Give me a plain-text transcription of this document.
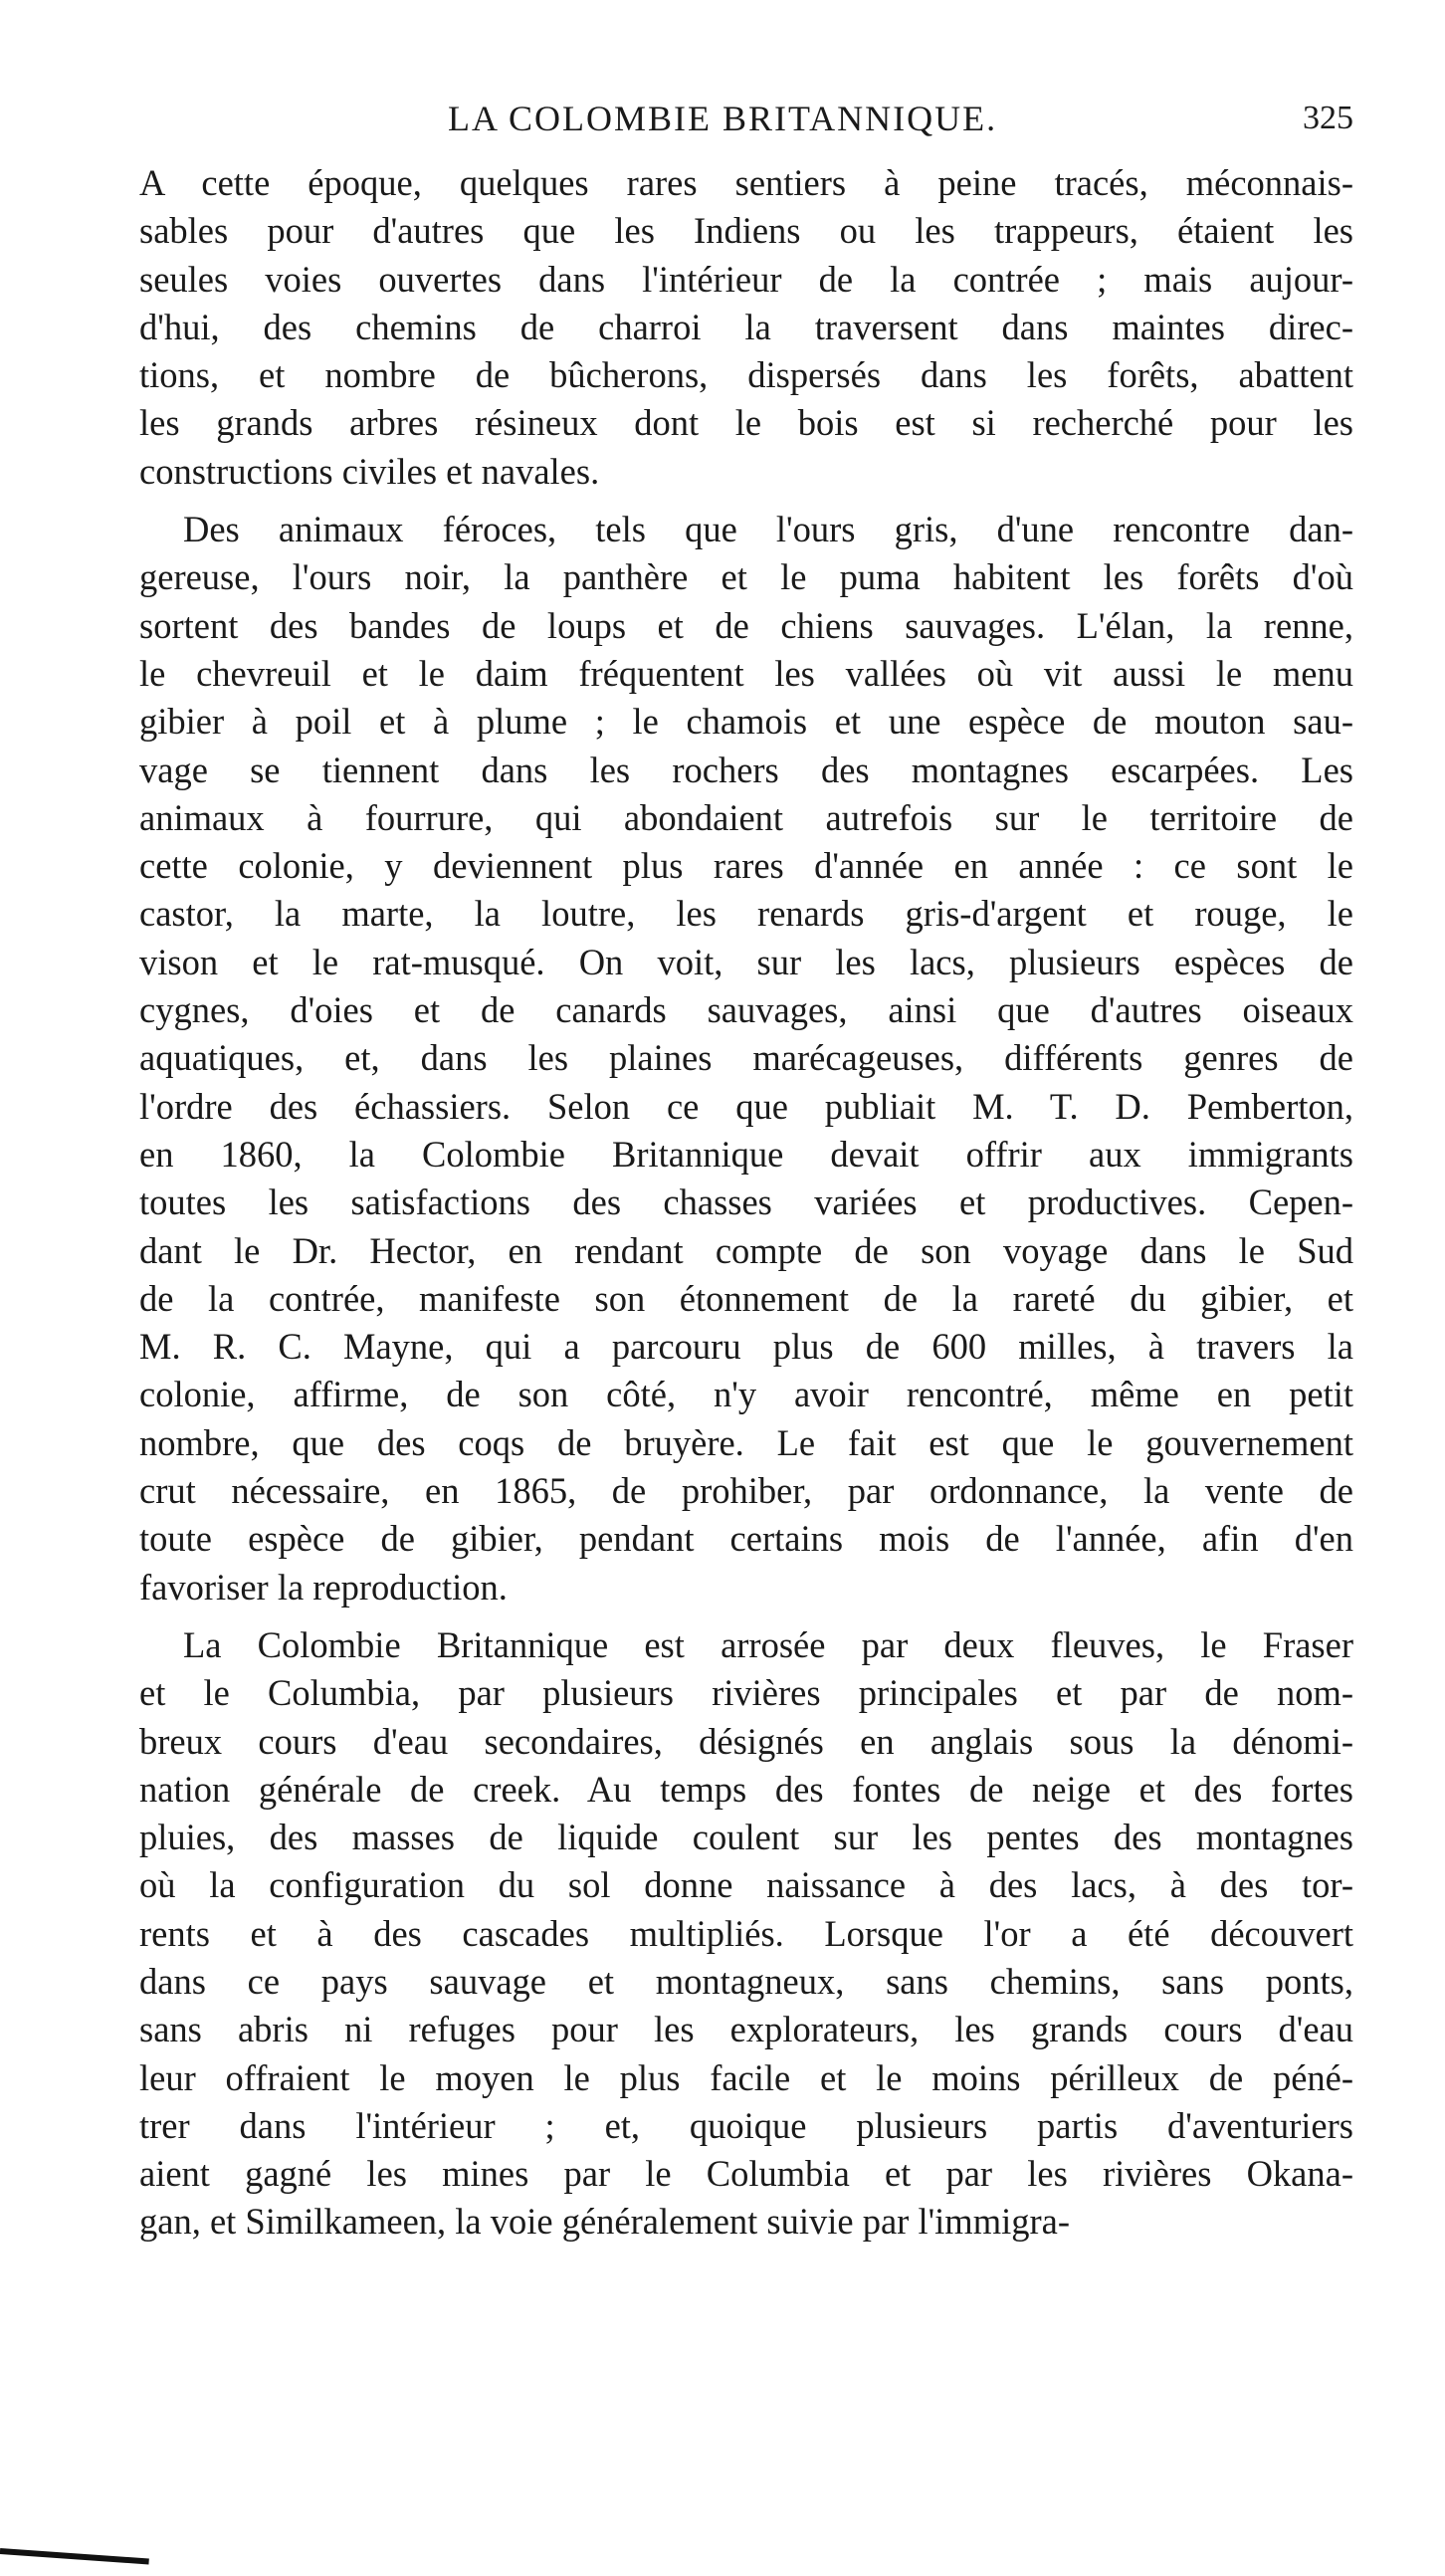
LA COLOMBIE BRITANNIQUE.	325
A cette époque, quelques rares sentiers à peine tracés, méconnais-
sables pour d'autres que les Indiens ou les trappeurs, étaient les
seules voies ouvertes dans l'intérieur de la contrée ; mais aujour-
d'hui, des chemins de charroi la traversent dans maintes direc-
tions, et nombre de bûcherons, dispersés dans les forêts, abattent
les grands arbres résineux dont le bois est si recherché pour les
constructions civiles et navales.
Des animaux féroces, tels que l'ours gris, d'une rencontre dan-
gereuse, l'ours noir, la panthère et le puma habitent les forêts d'où
sortent des bandes de loups et de chiens sauvages. L'élan, la renne,
le chevreuil et le daim fréquentent les vallées où vit aussi le menu
gibier à poil et à plume ; le chamois et une espèce de mouton sau-
vage se tiennent dans les rochers des montagnes escarpées. Les
animaux à fourrure, qui abondaient autrefois sur le territoire de
cette colonie, y deviennent plus rares d'année en année : ce sont le
castor, la marte, la loutre, les renards gris-d'argent et rouge, le
vison et le rat-musqué. On voit, sur les lacs, plusieurs espèces de
cygnes, d'oies et de canards sauvages, ainsi que d'autres oiseaux
aquatiques, et, dans les plaines marécageuses, différents genres de
l'ordre des échassiers. Selon ce que publiait M. T. D. Pemberton,
en 1860, la Colombie Britannique devait offrir aux immigrants
toutes les satisfactions des chasses variées et productives. Cepen-
dant le Dr. Hector, en rendant compte de son voyage dans le Sud
de la contrée, manifeste son étonnement de la rareté du gibier, et
M. R. C. Mayne, qui a parcouru plus de 600 milles, à travers la
colonie, affirme, de son côté, n'y avoir rencontré, même en petit
nombre, que des coqs de bruyère. Le fait est que le gouvernement
crut nécessaire, en 1865, de prohiber, par ordonnance, la vente de
toute espèce de gibier, pendant certains mois de l'année, afin d'en
favoriser la reproduction.
La Colombie Britannique est arrosée par deux fleuves, le Fraser
et le Columbia, par plusieurs rivières principales et par de nom-
breux cours d'eau secondaires, désignés en anglais sous la dénomi-
nation générale de creek. Au temps des fontes de neige et des fortes
pluies, des masses de liquide coulent sur les pentes des montagnes
où la configuration du sol donne naissance à des lacs, à des tor-
rents et à des cascades multipliés. Lorsque l'or a été découvert
dans ce pays sauvage et montagneux, sans chemins, sans ponts,
sans abris ni refuges pour les explorateurs, les grands cours d'eau
leur offraient le moyen le plus facile et le moins périlleux de péné-
trer dans l'intérieur ; et, quoique plusieurs partis d'aventuriers
aient gagné les mines par le Columbia et par les rivières Okana-
gan, et Similkameen, la voie généralement suivie par l'immigra-
